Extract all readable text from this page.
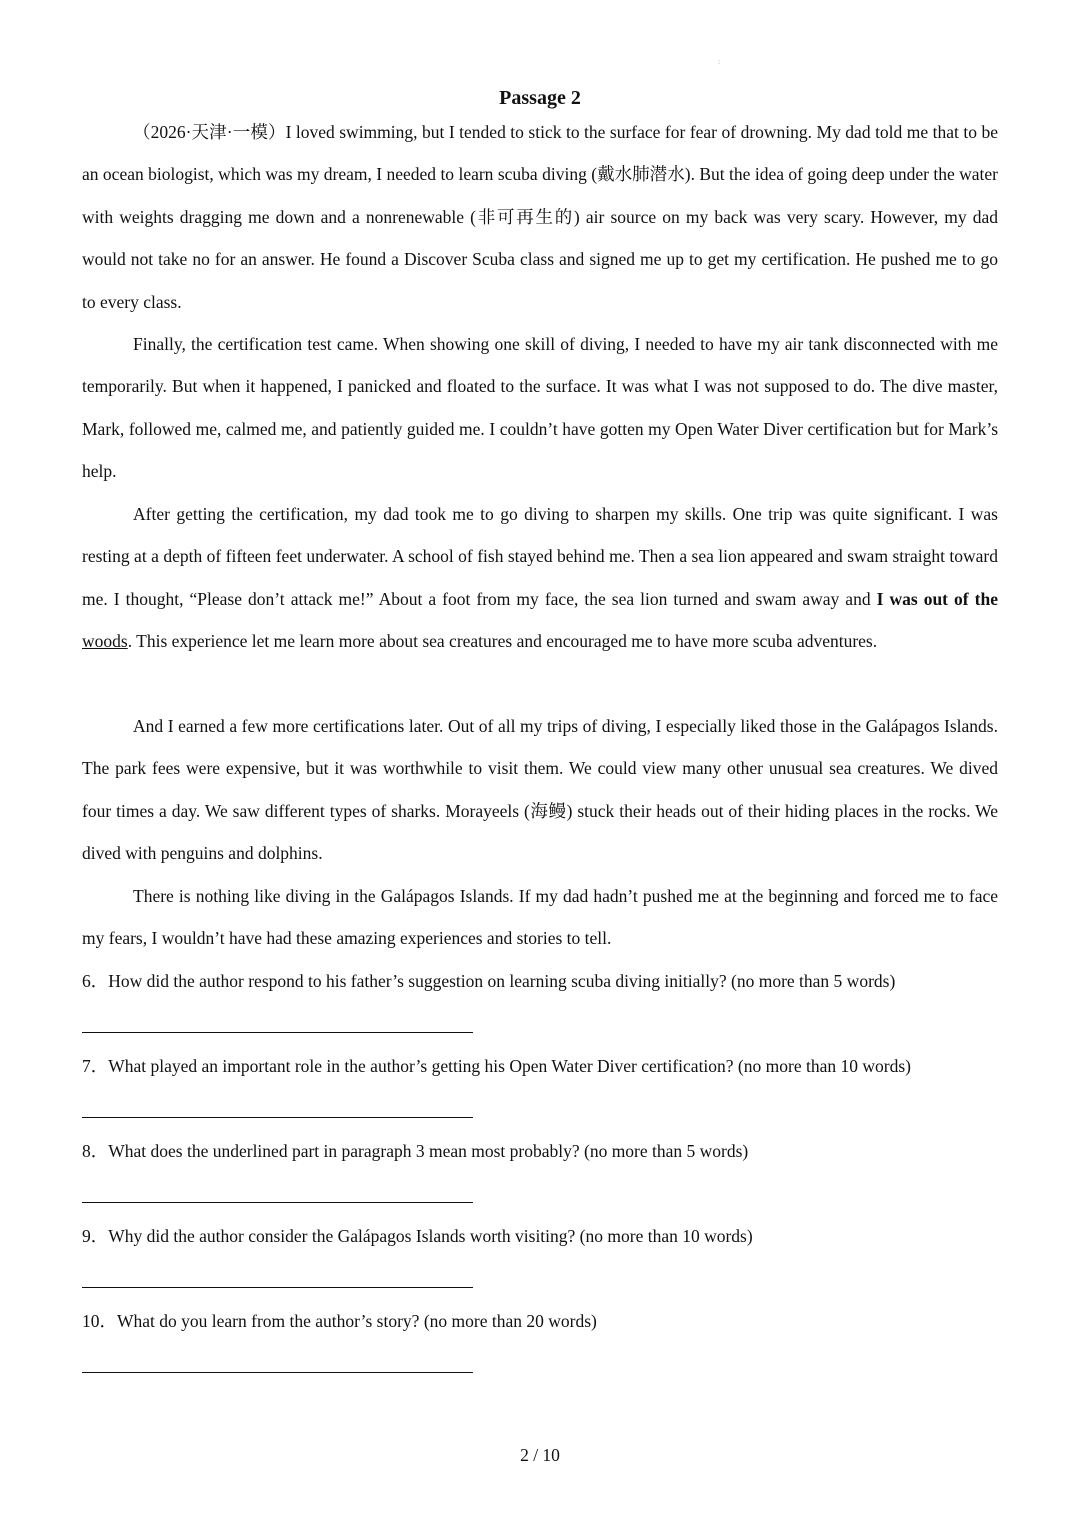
:
Passage 2

（2026·天津·一模）I loved swimming, but I tended to stick to the surface for fear of drowning. My dad told me that to be an ocean biologist, which was my dream, I needed to learn scuba diving (戴水肺潜水). But the idea of going deep under the water with weights dragging me down and a nonrenewable (非可再生的) air source on my back was very scary. However, my dad would not take no for an answer. He found a Discover Scuba class and signed me up to get my certification. He pushed me to go to every class.

Finally, the certification test came. When showing one skill of diving, I needed to have my air tank disconnected with me temporarily. But when it happened, I panicked and floated to the surface. It was what I was not supposed to do. The dive master, Mark, followed me, calmed me, and patiently guided me. I couldn’t have gotten my Open Water Diver certification but for Mark’s help.

After getting the certification, my dad took me to go diving to sharpen my skills. One trip was quite significant. I was resting at a depth of fifteen feet underwater. A school of fish stayed behind me. Then a sea lion appeared and swam straight toward me. I thought, “Please don’t attack me!” About a foot from my face, the sea lion turned and swam away and I was out of the woods. This experience let me learn more about sea creatures and encouraged me to have more scuba adventures.

And I earned a few more certifications later. Out of all my trips of diving, I especially liked those in the Galápagos Islands. The park fees were expensive, but it was worthwhile to visit them. We could view many other unusual sea creatures. We dived four times a day. We saw different types of sharks. Morayeels (海鳗) stuck their heads out of their hiding places in the rocks. We dived with penguins and dolphins.

There is nothing like diving in the Galápagos Islands. If my dad hadn’t pushed me at the beginning and forced me to face my fears, I wouldn’t have had these amazing experiences and stories to tell.

6．How did the author respond to his father’s suggestion on learning scuba diving initially? (no more than 5 words)

7．What played an important role in the author’s getting his Open Water Diver certification? (no more than 10 words)

8．What does the underlined part in paragraph 3 mean most probably? (no more than 5 words)

9．Why did the author consider the Galápagos Islands worth visiting? (no more than 10 words)

10．What do you learn from the author’s story? (no more than 20 words)

2 / 10
